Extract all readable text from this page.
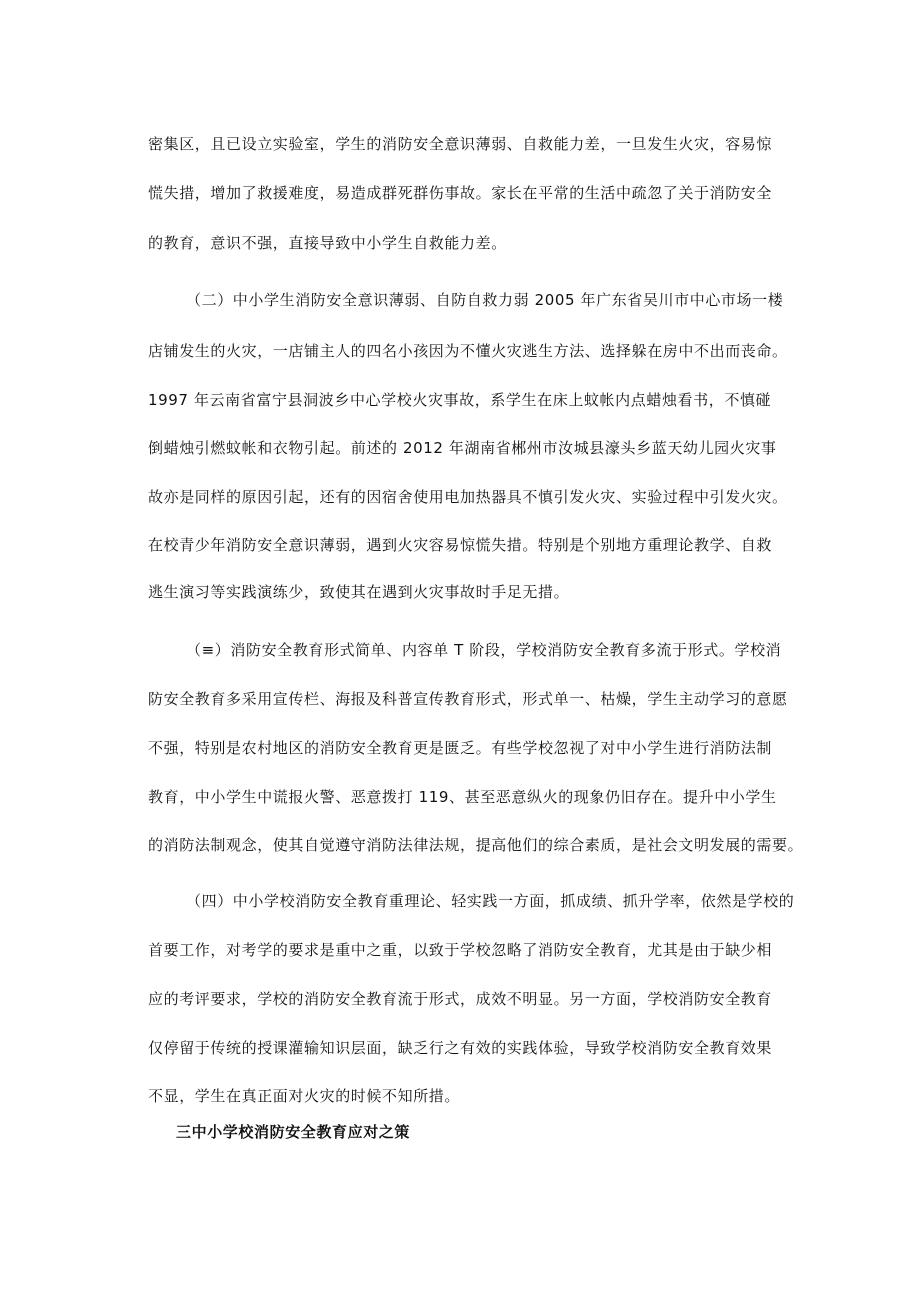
密集区，且已设立实验室，学生的消防安全意识薄弱、自救能力差，一旦发生火灾，容易惊
慌失措，增加了救援难度，易造成群死群伤事故。家长在平常的生活中疏忽了关于消防安全
的教育，意识不强，直接导致中小学生自救能力差。
（二）中小学生消防安全意识薄弱、自防自救力弱 2005 年广东省吴川市中心市场一楼
店铺发生的火灾，一店铺主人的四名小孩因为不懂火灾逃生方法、选择躲在房中不出而丧命。
1997 年云南省富宁县洞波乡中心学校火灾事故，系学生在床上蚊帐内点蜡烛看书，不慎碰
倒蜡烛引燃蚊帐和衣物引起。前述的 2012 年湖南省郴州市汝城县濠头乡蓝天幼儿园火灾事
故亦是同样的原因引起，还有的因宿舍使用电加热器具不慎引发火灾、实验过程中引发火灾。
在校青少年消防安全意识薄弱，遇到火灾容易惊慌失措。特别是个别地方重理论教学、自救
逃生演习等实践演练少，致使其在遇到火灾事故时手足无措。
（≡）消防安全教育形式简单、内容单 T 阶段，学校消防安全教育多流于形式。学校消
防安全教育多采用宣传栏、海报及科普宣传教育形式，形式单一、枯燥，学生主动学习的意愿
不强，特别是农村地区的消防安全教育更是匮乏。有些学校忽视了对中小学生进行消防法制
教育，中小学生中谎报火警、恶意拨打 119、甚至恶意纵火的现象仍旧存在。提升中小学生
的消防法制观念，使其自觉遵守消防法律法规，提高他们的综合素质，是社会文明发展的需要。
（四）中小学校消防安全教育重理论、轻实践一方面，抓成绩、抓升学率，依然是学校的
首要工作，对考学的要求是重中之重，以致于学校忽略了消防安全教育，尤其是由于缺少相
应的考评要求，学校的消防安全教育流于形式，成效不明显。另一方面，学校消防安全教育
仅停留于传统的授课灌输知识层面，缺乏行之有效的实践体验，导致学校消防安全教育效果
不显，学生在真正面对火灾的时候不知所措。
三中小学校消防安全教育应对之策
